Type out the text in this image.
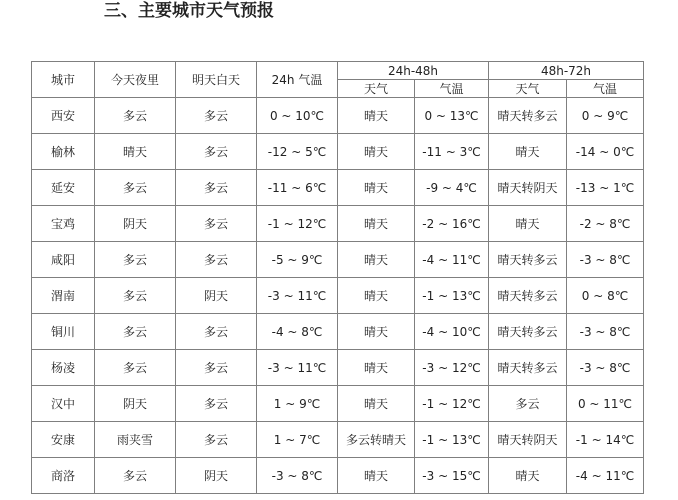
三、主要城市天气预报
城市	今天夜里	明天白天	24h 气温	24h-48h		48h-72h	
				天气	气温	天气	气温
西安	多云	多云	0 ~ 10℃	晴天	0 ~ 13℃	晴天转多云	0 ~ 9℃
榆林	晴天	多云	-12 ~ 5℃	晴天	-11 ~ 3℃	晴天	-14 ~ 0℃
延安	多云	多云	-11 ~ 6℃	晴天	-9 ~ 4℃	晴天转阴天	-13 ~ 1℃
宝鸡	阴天	多云	-1 ~ 12℃	晴天	-2 ~ 16℃	晴天	-2 ~ 8℃
咸阳	多云	多云	-5 ~ 9℃	晴天	-4 ~ 11℃	晴天转多云	-3 ~ 8℃
渭南	多云	阴天	-3 ~ 11℃	晴天	-1 ~ 13℃	晴天转多云	0 ~ 8℃
铜川	多云	多云	-4 ~ 8℃	晴天	-4 ~ 10℃	晴天转多云	-3 ~ 8℃
杨凌	多云	多云	-3 ~ 11℃	晴天	-3 ~ 12℃	晴天转多云	-3 ~ 8℃
汉中	阴天	多云	1 ~ 9℃	晴天	-1 ~ 12℃	多云	0 ~ 11℃
安康	雨夹雪	多云	1 ~ 7℃	多云转晴天	-1 ~ 13℃	晴天转阴天	-1 ~ 14℃
商洛	多云	阴天	-3 ~ 8℃	晴天	-3 ~ 15℃	晴天	-4 ~ 11℃
